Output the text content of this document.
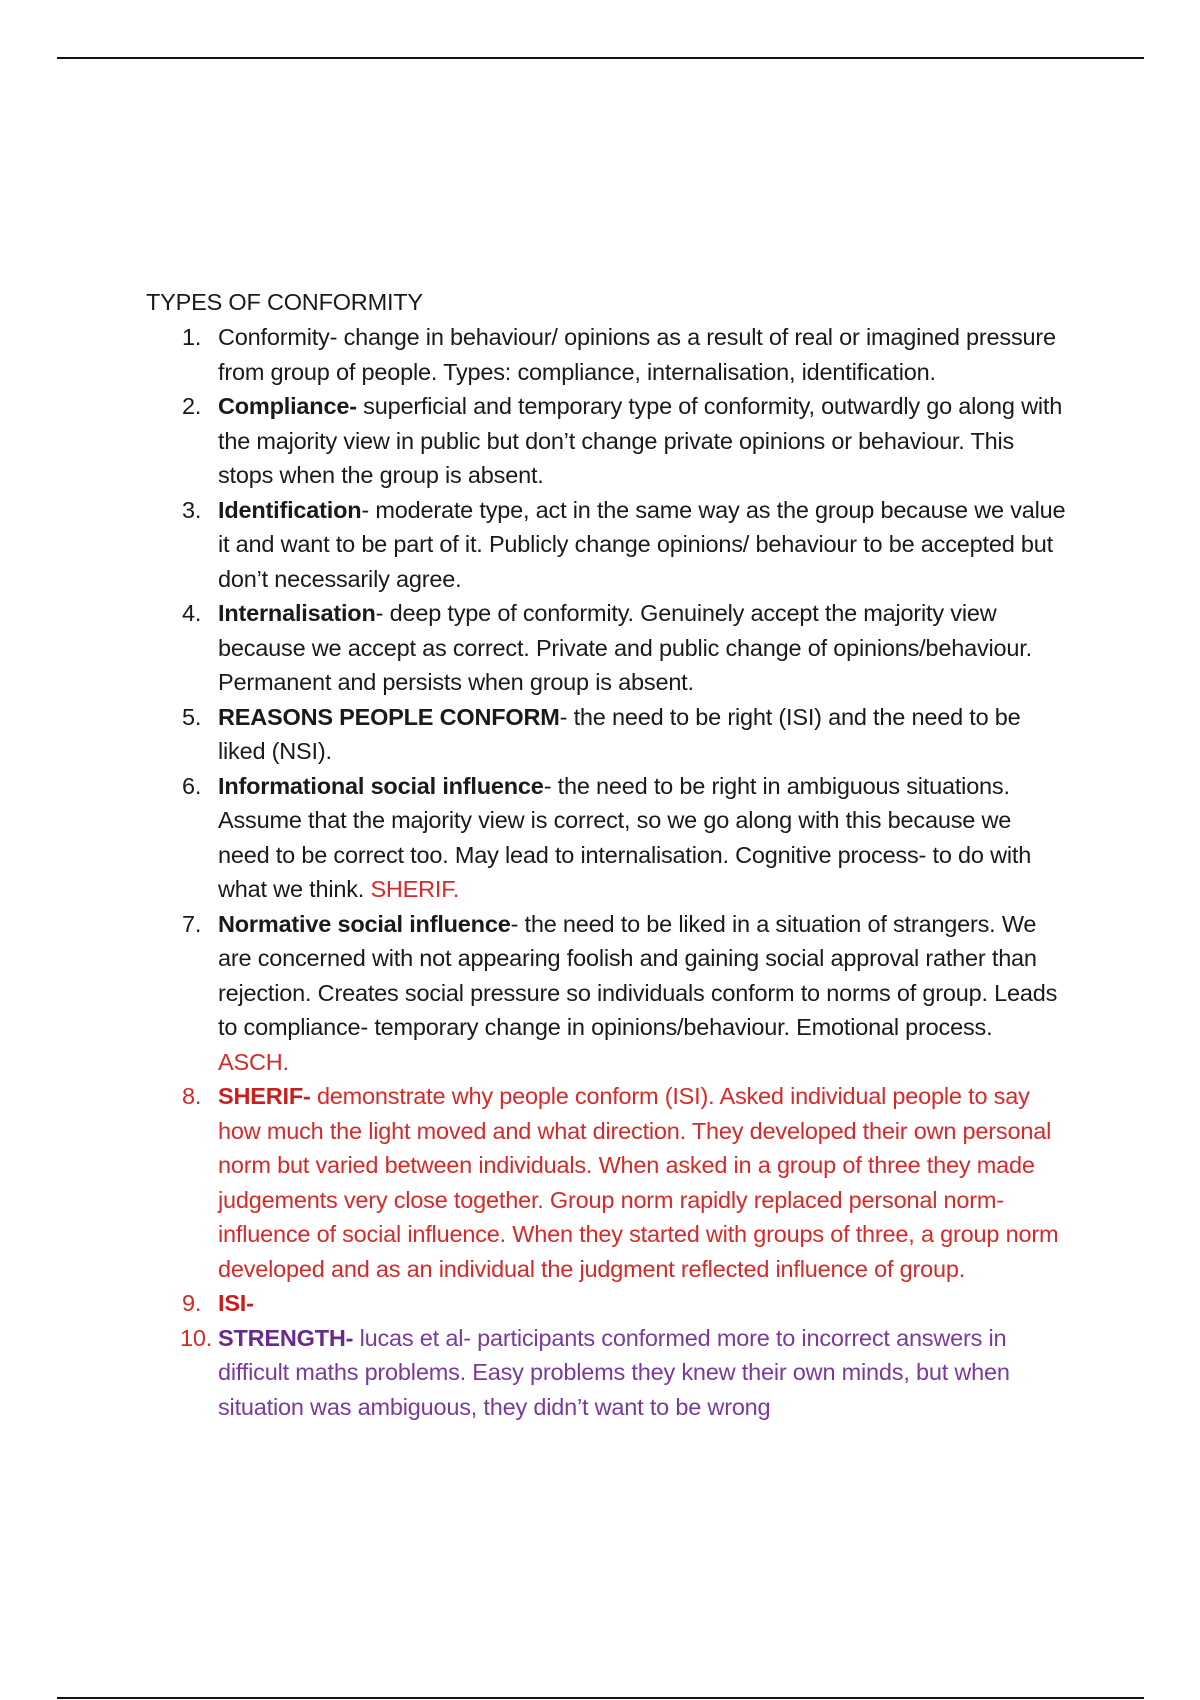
TYPES OF CONFORMITY
1. Conformity- change in behaviour/ opinions as a result of real or imagined pressure from group of people. Types: compliance, internalisation, identification.
2. Compliance- superficial and temporary type of conformity, outwardly go along with the majority view in public but don’t change private opinions or behaviour. This stops when the group is absent.
3. Identification- moderate type, act in the same way as the group because we value it and want to be part of it. Publicly change opinions/ behaviour to be accepted but don’t necessarily agree.
4. Internalisation- deep type of conformity. Genuinely accept the majority view because we accept as correct. Private and public change of opinions/behaviour. Permanent and persists when group is absent.
5. REASONS PEOPLE CONFORM- the need to be right (ISI) and the need to be liked (NSI).
6. Informational social influence- the need to be right in ambiguous situations. Assume that the majority view is correct, so we go along with this because we need to be correct too. May lead to internalisation. Cognitive process- to do with what we think. SHERIF.
7. Normative social influence- the need to be liked in a situation of strangers. We are concerned with not appearing foolish and gaining social approval rather than rejection. Creates social pressure so individuals conform to norms of group. Leads to compliance- temporary change in opinions/behaviour. Emotional process. ASCH.
8. SHERIF- demonstrate why people conform (ISI). Asked individual people to say how much the light moved and what direction. They developed their own personal norm but varied between individuals. When asked in a group of three they made judgements very close together. Group norm rapidly replaced personal norm- influence of social influence. When they started with groups of three, a group norm developed and as an individual the judgment reflected influence of group.
9. ISI-
10. STRENGTH- lucas et al- participants conformed more to incorrect answers in difficult maths problems. Easy problems they knew their own minds, but when situation was ambiguous, they didn’t want to be wrong
